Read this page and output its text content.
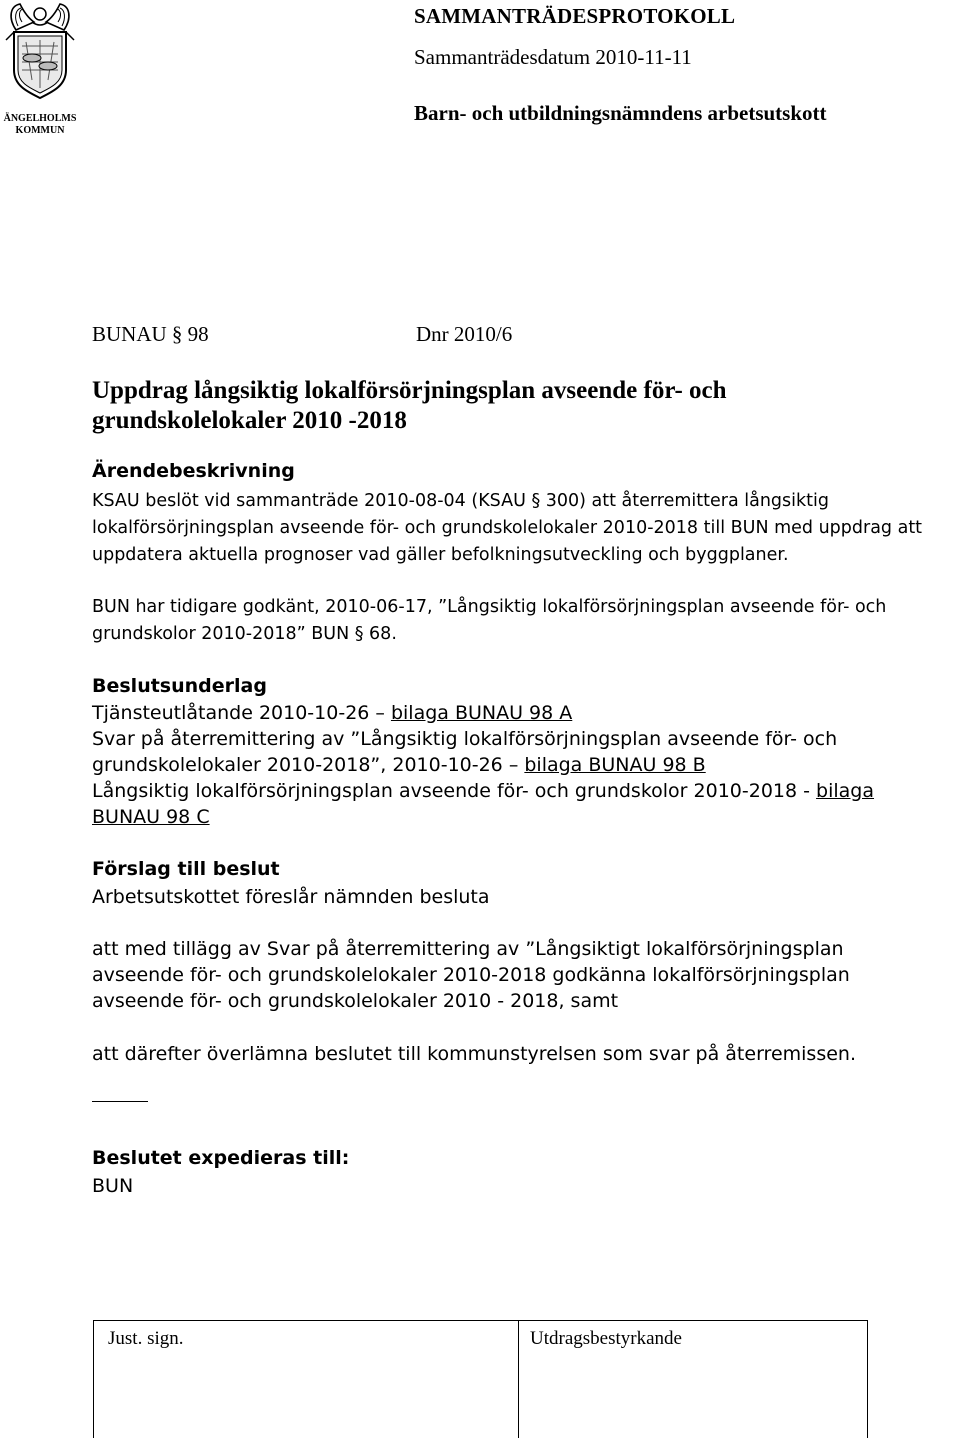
ÄNGELHOLMS
KOMMUN
SAMMANTRÄDESPROTOKOLL
Sammanträdesdatum 2010-11-11
Barn- och utbildningsnämndens arbetsutskott
BUNAU § 98	Dnr 2010/6
Uppdrag långsiktig lokalförsörjningsplan avseende för- och grundskolelokaler 2010 -2018
Ärendebeskrivning
KSAU beslöt vid sammanträde 2010-08-04 (KSAU § 300) att återremittera långsiktig lokalförsörjningsplan avseende för- och grundskolelokaler 2010-2018 till BUN med uppdrag att uppdatera aktuella prognoser vad gäller befolkningsutveckling och byggplaner.
BUN har tidigare godkänt, 2010-06-17, ”Långsiktig lokalförsörjningsplan avseende för- och grundskolor 2010-2018” BUN § 68.
Beslutsunderlag
Tjänsteutlåtande 2010-10-26 – bilaga BUNAU 98 A
Svar på återremittering av ”Långsiktig lokalförsörjningsplan avseende för- och grundskolelokaler 2010-2018”, 2010-10-26 – bilaga BUNAU 98 B
Långsiktig lokalförsörjningsplan avseende för- och grundskolor 2010-2018 - bilaga BUNAU 98 C
Förslag till beslut
Arbetsutskottet föreslår nämnden besluta
att med tillägg av Svar på återremittering av ”Långsiktigt lokalförsörjningsplan avseende för- och grundskolelokaler 2010-2018 godkänna lokalförsörjningsplan avseende för- och grundskolelokaler 2010 - 2018, samt
att därefter överlämna beslutet till kommunstyrelsen som svar på återremissen.
Beslutet expedieras till:
BUN
Just. sign.	Utdragsbestyrkande
